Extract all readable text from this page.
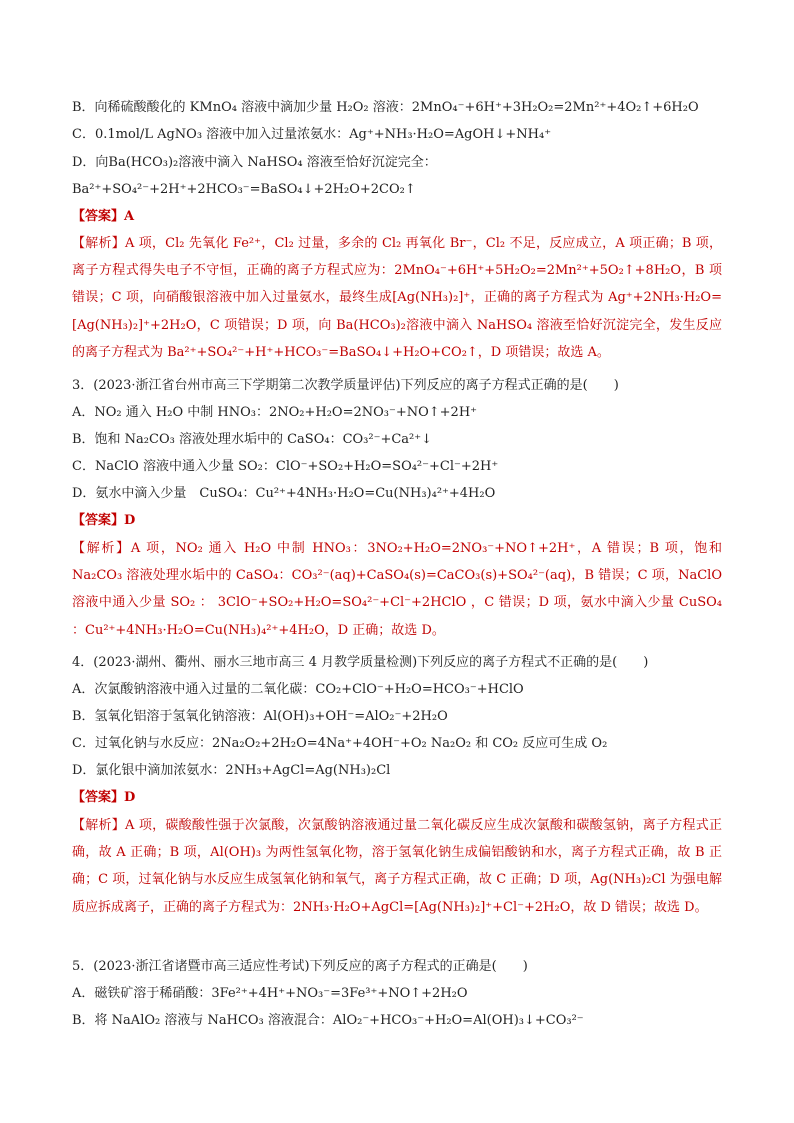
B．向稀硫酸酸化的 KMnO₄ 溶液中滴加少量 H₂O₂ 溶液：2MnO₄⁻+6H⁺+3H₂O₂=2Mn²⁺+4O₂↑+6H₂O
C．0.1mol/L AgNO₃ 溶液中加入过量浓氨水：Ag⁺+NH₃·H₂O=AgOH↓+NH₄⁺
D．向Ba(HCO₃)₂溶液中滴入 NaHSO₄ 溶液至恰好沉淀完全：
Ba²⁺+SO₄²⁻+2H⁺+2HCO₃⁻=BaSO₄↓+2H₂O+2CO₂↑
【答案】A
【解析】A 项，Cl₂ 先氧化 Fe²⁺，Cl₂ 过量，多余的 Cl₂ 再氧化 Br⁻，Cl₂ 不足，反应成立，A 项正确；B 项，离子方程式得失电子不守恒，正确的离子方程式应为：2MnO₄⁻+6H⁺+5H₂O₂=2Mn²⁺+5O₂↑+8H₂O，B 项错误；C 项，向硝酸银溶液中加入过量氨水，最终生成[Ag(NH₃)₂]⁺，正确的离子方程式为 Ag⁺+2NH₃·H₂O=[Ag(NH₃)₂]⁺+2H₂O，C 项错误；D 项，向 Ba(HCO₃)₂溶液中滴入 NaHSO₄ 溶液至恰好沉淀完全，发生反应的离子方程式为 Ba²⁺+SO₄²⁻+H⁺+HCO₃⁻=BaSO₄↓+H₂O+CO₂↑，D 项错误；故选 A。
3．(2023·浙江省台州市高三下学期第二次教学质量评估)下列反应的离子方程式正确的是(　　)
A．NO₂ 通入 H₂O 中制 HNO₃：2NO₂+H₂O=2NO₃⁻+NO↑+2H⁺
B．饱和 Na₂CO₃ 溶液处理水垢中的 CaSO₄：CO₃²⁻+Ca²⁺↓
C．NaClO 溶液中通入少量 SO₂：ClO⁻+SO₂+H₂O=SO₄²⁻+Cl⁻+2H⁺
D．氨水中滴入少量　CuSO₄：Cu²⁺+4NH₃·H₂O=Cu(NH₃)₄²⁺+4H₂O
【答案】D
【解析】A 项，NO₂ 通入 H₂O 中制 HNO₃：3NO₂+H₂O=2NO₃⁻+NO↑+2H⁺，A 错误；B 项，饱和 Na₂CO₃ 溶液处理水垢中的 CaSO₄：CO₃²⁻(aq)+CaSO₄(s)=CaCO₃(s)+SO₄²⁻(aq)，B 错误；C 项，NaClO 溶液中通入少量 SO₂ ： 3ClO⁻+SO₂+H₂O=SO₄²⁻+Cl⁻+2HClO ，C 错误；D 项，氨水中滴入少量 CuSO₄ ：Cu²⁺+4NH₃·H₂O=Cu(NH₃)₄²⁺+4H₂O，D 正确；故选 D。
4．(2023·湖州、衢州、丽水三地市高三 4 月教学质量检测)下列反应的离子方程式不正确的是(　　)
A．次氯酸钠溶液中通入过量的二氧化碳：CO₂+ClO⁻+H₂O=HCO₃⁻+HClO
B．氢氧化铝溶于氢氧化钠溶液：Al(OH)₃+OH⁻=AlO₂⁻+2H₂O
C．过氧化钠与水反应：2Na₂O₂+2H₂O=4Na⁺+4OH⁻+O₂ Na₂O₂ 和 CO₂ 反应可生成 O₂
D．氯化银中滴加浓氨水：2NH₃+AgCl=Ag(NH₃)₂Cl
【答案】D
【解析】A 项，碳酸酸性强于次氯酸，次氯酸钠溶液通过量二氧化碳反应生成次氯酸和碳酸氢钠，离子方程式正确，故 A 正确；B 项，Al(OH)₃ 为两性氢氧化物，溶于氢氧化钠生成偏铝酸钠和水，离子方程式正确，故 B 正确；C 项，过氧化钠与水反应生成氢氧化钠和氧气，离子方程式正确，故 C 正确；D 项，Ag(NH₃)₂Cl 为强电解质应拆成离子，正确的离子方程式为：2NH₃·H₂O+AgCl=[Ag(NH₃)₂]⁺+Cl⁻+2H₂O，故 D 错误；故选 D。
5．(2023·浙江省诸暨市高三适应性考试)下列反应的离子方程式的正确是(　　)
A．磁铁矿溶于稀硝酸：3Fe²⁺+4H⁺+NO₃⁻=3Fe³⁺+NO↑+2H₂O
B．将 NaAlO₂ 溶液与 NaHCO₃ 溶液混合：AlO₂⁻+HCO₃⁻+H₂O=Al(OH)₃↓+CO₃²⁻
